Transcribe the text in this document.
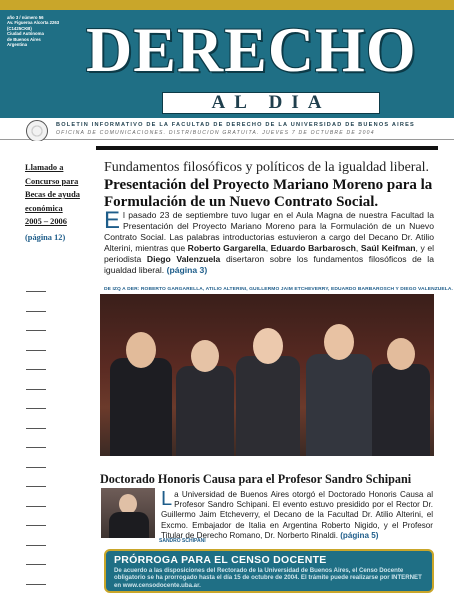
año 3 / número 56
Av. Figueroa Alcorta 2263
(C1425CKB)
Ciudad Autónoma
de Buenos Aires
Argentina DERECHO
AL DIA
BOLETIN INFORMATIVO DE LA FACULTAD DE DERECHO DE LA UNIVERSIDAD DE BUENOS AIRES
OFICINA DE COMUNICACIONES. DISTRIBUCION GRATUITA. JUEVES 7 DE OCTUBRE DE 2004
Llamado a
Concurso para
Becas de ayuda
económica
2005 – 2006
(página 12)
Fundamentos filosóficos y políticos de la igualdad liberal.
Presentación del Proyecto Mariano Moreno para la Formulación de un Nuevo Contrato Social.
El pasado 23 de septiembre tuvo lugar en el Aula Magna de nuestra Facultad la Presentación del Proyecto Mariano Moreno para la Formulación de un Nuevo Contrato Social. Las palabras introductorias estuvieron a cargo del Decano Dr. Atilio Alterini, mientras que Roberto Gargarella, Eduardo Barbarosch, Saúl Keifman, y el periodista Diego Valenzuela disertaron sobre los fundamentos filosóficos de la igualdad liberal. (página 3)
DE IZQ A DER: ROBERTO GARGARELLA, ATILIO ALTERINI, GUILLERMO JAIM ETCHEVERRY, EDUARDO BARBAROSCH Y DIEGO VALENZUELA.
Doctorado Honoris Causa para el Profesor Sandro Schipani
La Universidad de Buenos Aires otorgó el Doctorado Honoris Causa al Profesor Sandro Schipani. El evento estuvo presidido por el Rector Dr. Guillermo Jaim Etcheverry, el Decano de la Facultad Dr. Atilio Alterini, el Excmo. Embajador de Italia en Argentina Roberto Nigido, y el Profesor Titular de Derecho Romano, Dr. Norberto Rinaldi. (página 5)
SANDRO SCHIPANI
PRÓRROGA PARA EL CENSO DOCENTE
De acuerdo a las disposiciones del Rectorado de la Universidad de Buenos Aires, el Censo Docente obligatorio se ha prorrogado hasta el día 15 de octubre de 2004. El trámite puede realizarse por INTERNET en www.censodocente.uba.ar.
